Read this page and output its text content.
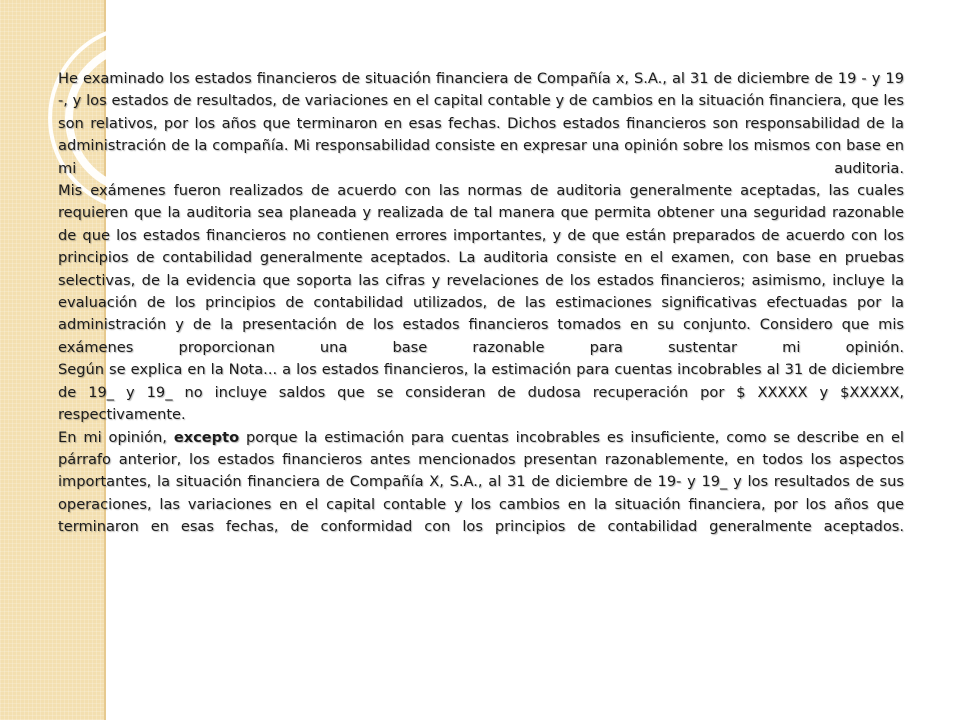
He examinado los estados financieros de situación financiera de Compañía x, S.A., al 31 de diciembre de 19 - y 19 -, y los estados de resultados, de variaciones en el capital contable y de cambios en la situación financiera, que les son relativos, por los años que terminaron en esas fechas. Dichos estados financieros son responsabilidad de la administración de la compañía. Mi responsabilidad consiste en expresar una opinión sobre los mismos con base en mi auditoria.

Mis exámenes fueron realizados de acuerdo con las normas de auditoria generalmente aceptadas, las cuales requieren que la auditoria sea planeada y realizada de tal manera que permita obtener una seguridad razonable de que los estados financieros no contienen errores importantes, y de que están preparados de acuerdo con los principios de contabilidad generalmente aceptados. La auditoria consiste en el examen, con base en pruebas selectivas, de la evidencia que soporta las cifras y revelaciones de los estados financieros; asimismo, incluye la evaluación de los principios de contabilidad utilizados, de las estimaciones significativas efectuadas por la administración y de la presentación de los estados financieros tomados en su conjunto. Considero que mis exámenes proporcionan una base razonable para sustentar mi opinión.

Según se explica en la Nota... a los estados financieros, la estimación para cuentas incobrables al 31 de diciembre de 19_ y 19_ no incluye saldos que se consideran de dudosa recuperación por $ XXXXX y $XXXXX, respectivamente.

En mi opinión, excepto porque la estimación para cuentas incobrables es insuficiente, como se describe en el párrafo anterior, los estados financieros antes mencionados presentan razonablemente, en todos los aspectos importantes, la situación financiera de Compañía X, S.A., al 31 de diciembre de 19- y 19_ y los resultados de sus operaciones, las variaciones en el capital contable y los cambios en la situación financiera, por los años que terminaron en esas fechas, de conformidad con los principios de contabilidad generalmente aceptados.
